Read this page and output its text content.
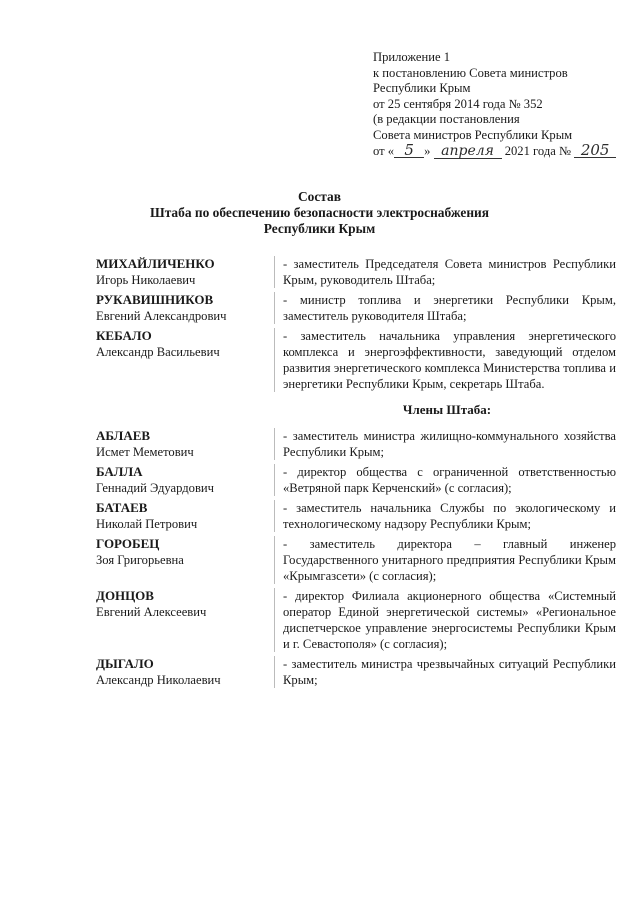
Приложение 1
к постановлению Совета министров
Республики Крым
от 25 сентября 2014 года № 352
(в редакции постановления
Совета министров Республики Крым
от « 5 » апреля 2021 года № 205
Состав
Штаба по обеспечению безопасности электроснабжения
Республики Крым
МИХАЙЛИЧЕНКО
Игорь Николаевич
- заместитель Председателя Совета министров Республики Крым, руководитель Штаба;
РУКАВИШНИКОВ
Евгений Александрович
- министр топлива и энергетики Республики Крым, заместитель руководителя Штаба;
КЕБАЛО
Александр Васильевич
- заместитель начальника управления энергетического комплекса и энергоэффективности, заведующий отделом развития энергетического комплекса Министерства топлива и энергетики Республики Крым, секретарь Штаба.
Члены Штаба:
АБЛАЕВ
Исмет Меметович
- заместитель министра жилищно-коммунального хозяйства Республики Крым;
БАЛЛА
Геннадий Эдуардович
- директор общества с ограниченной ответственностью «Ветряной парк Керченский» (с согласия);
БАТАЕВ
Николай Петрович
- заместитель начальника Службы по экологическому и технологическому надзору Республики Крым;
ГОРОБЕЦ
Зоя Григорьевна
- заместитель директора – главный инженер Государственного унитарного предприятия Республики Крым «Крымгазсети» (с согласия);
ДОНЦОВ
Евгений Алексеевич
- директор Филиала акционерного общества «Системный оператор Единой энергетической системы» «Региональное диспетчерское управление энергосистемы Республики Крым и г. Севастополя» (с согласия);
ДЫГАЛО
Александр Николаевич
- заместитель министра чрезвычайных ситуаций Республики Крым;
